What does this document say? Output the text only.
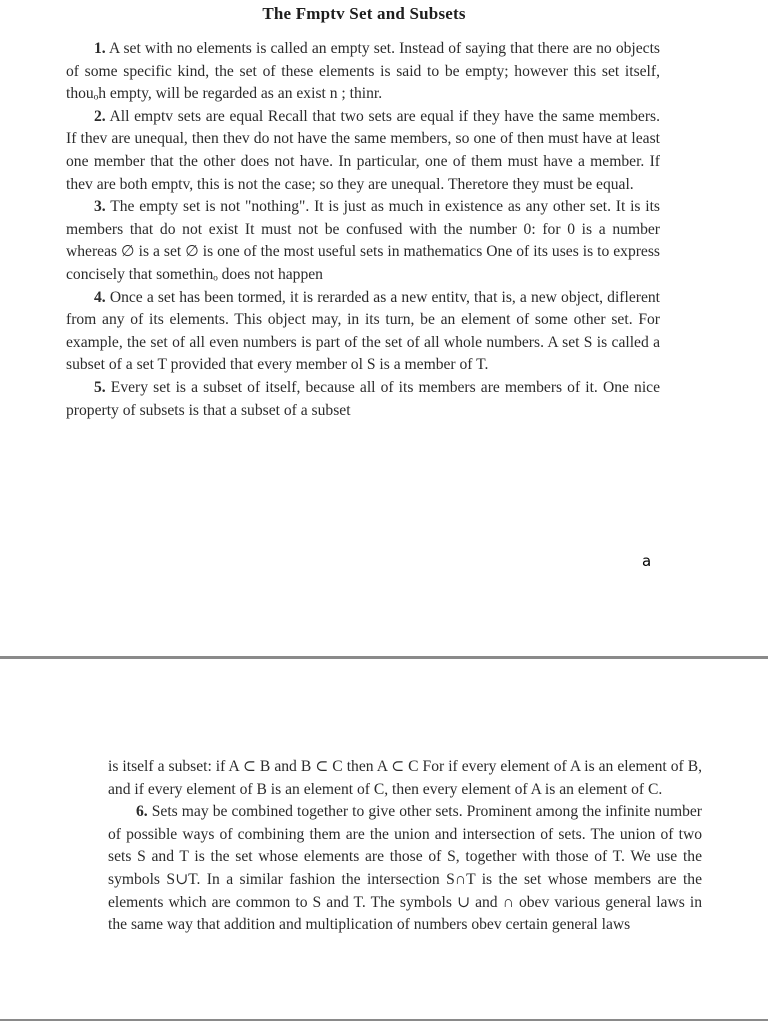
The Fmptv Set and Subsets

1. A set with no elements is called an empty set. Instead of saying that there are no objects of some specific kind, the set of these elements is said to be empty; however this set itself, thouₒh empty, will be regarded as an exist n ; thinr.

2. All emptv sets are equal Recall that two sets are equal if they have the same members. If thev are unequal, then thev do not have the same members, so one of then must have at least one member that the other does not have. In particular, one of them must have a member. If thev are both emptv, this is not the case; so they are unequal. Theretore they must be equal.

3. The empty set is not "nothing". It is just as much in existence as any other set. It is its members that do not exist It must not be confused with the number 0: for 0 is a number whereas ∅ is a set ∅ is one of the most useful sets in mathematics One of its uses is to express concisely that somethinₒ does not happen

4. Once a set has been tormed, it is rerarded as a new entitv, that is, a new object, diflerent from any of its elements. This object may, in its turn, be an element of some other set. For example, the set of all even numbers is part of the set of all whole numbers. A set S is called a subset of a set T provided that every member ol S is a member of T.

5. Every set is a subset of itself, because all of its members are members of it. One nice property of subsets is that a subset of a subset

a

is itself a subset: if A ⊂ B and B ⊂ C then A ⊂ C For if every element of A is an element of B, and if every element of B is an element of C, then every element of A is an element of C.

6. Sets may be combined together to give other sets. Prominent among the infinite number of possible ways of combining them are the union and intersection of sets. The union of two sets S and T is the set whose elements are those of S, together with those of T. We use the symbols S∪T. In a similar fashion the intersection S∩T is the set whose members are the elements which are common to S and T. The symbols ∪ and ∩ obev various general laws in the same way that addition and multiplication of numbers obev certain general laws
